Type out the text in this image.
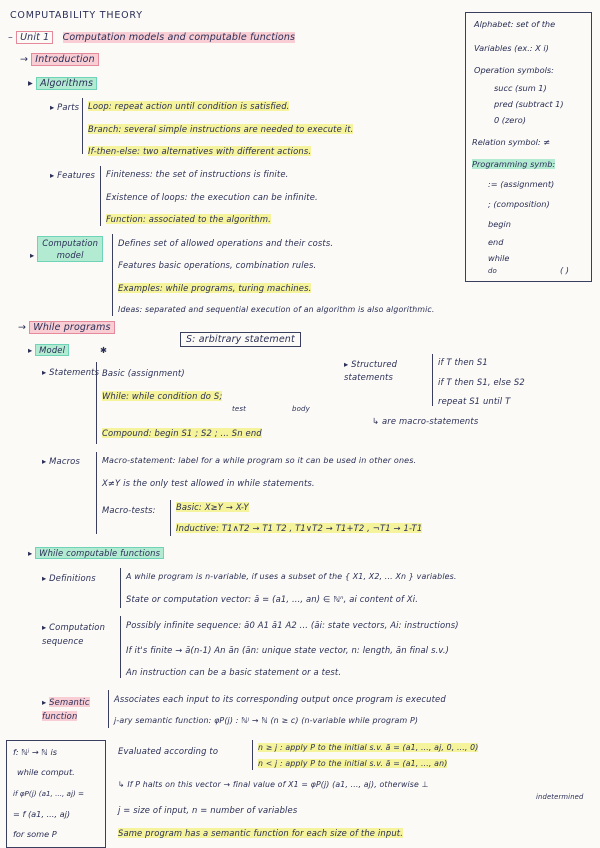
COMPUTABILITY THEORY
– Unit 1 Computation models and computable functions
→ Introduction
▸ Algorithms
▸ Parts Loop: repeat action until condition is satisfied.
Branch: several simple instructions are needed to execute it.
If-then-else: two alternatives with different actions.
▸ Features Finiteness: the set of instructions is finite.
Existence of loops: the execution can be infinite.
Function: associated to the algorithm.
▸ Computation model
Defines set of allowed operations and their costs.
Features basic operations, combination rules.
Examples: while programs, turing machines.
Ideas: separated and sequential execution of an algorithm is also algorithmic.
Alphabet: set of the
Variables (ex.: X i)
Operation symbols:
succ (sum 1)
pred (subtract 1)
0 (zero)
Relation symbol: ≠
Programming symb:
:= (assignment)
; (composition)
begin
end
while
do	( )
→ While programs
S: arbitrary statement
▸ Model	✱
▸ Statements Basic (assignment)
While: while condition do S;
test	body
Compound: begin S1 ; S2 ; ... Sn end
▸ Structured statements
if T then S1
if T then S1, else S2
repeat S1 until T
↳ are macro-statements
▸ Macros	Macro-statement: label for a while program so it can be used in other ones.
X≠Y is the only test allowed in while statements.
Macro-tests: Basic: X≥Y → X-Y
Inductive: T1∧T2 → T1 T2 , T1∨T2 → T1+T2 , ¬T1 → 1-T1
▸ While computable functions
▸ Definitions	A while program is n-variable, if uses a subset of the { X1, X2, ... Xn } variables.
State or computation vector: ā = (a1, ..., an) ∈ ℕⁿ, ai content of Xi.
▸ Computation sequence
Possibly infinite sequence: ā0 A1 ā1 A2 ... (āi: state vectors, Ai: instructions)
If it's finite → ā(n-1) An ān (ān: unique state vector, n: length, ān final s.v.)
An instruction can be a basic statement or a test.
▸ Semantic function
Associates each input to its corresponding output once program is executed
j-ary semantic function: φP(j) : ℕʲ → ℕ (n ≥ c) (n-variable while program P)
Evaluated according to	n ≥ j : apply P to the initial s.v. ā = (a1, ..., aj, 0, ..., 0)
n < j : apply P to the initial s.v. ā = (a1, ..., an)
↳ If P halts on this vector → final value of X1 = φP(j) (a1, ..., aj), otherwise ⊥
indetermined
j = size of input, n = number of variables
Same program has a semantic function for each size of the input.
f: ℕʲ → ℕ is
while comput.
if φP(j) (a1, ..., aj) =
= f (a1, ..., aj)
for some P
